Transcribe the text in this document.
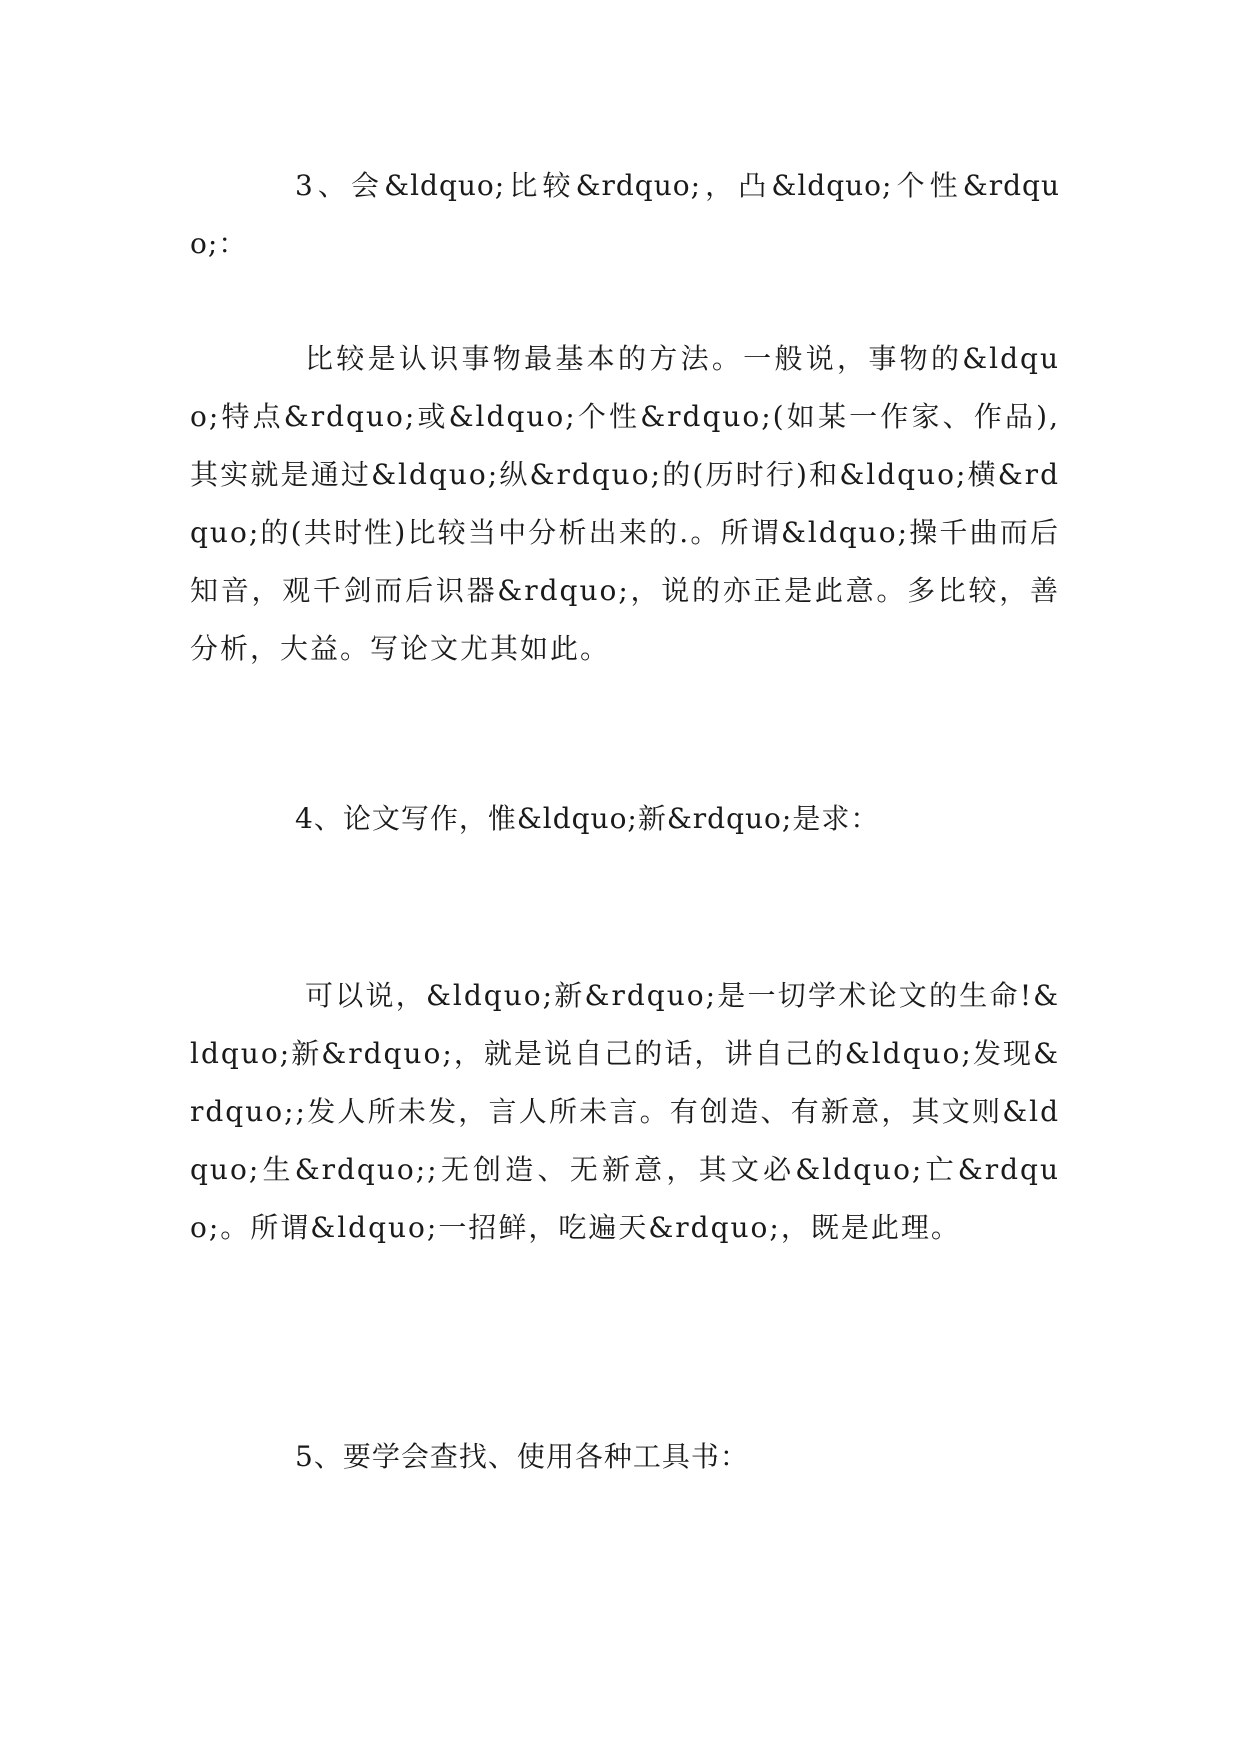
3、会&ldquo;比较&rdquo;，凸&ldquo;个性&rdquo;：

比较是认识事物最基本的方法。一般说，事物的&ldquo;特点&rdquo;或&ldquo;个性&rdquo;(如某一作家、作品),其实就是通过&ldquo;纵&rdquo;的(历时行)和&ldquo;横&rdquo;的(共时性)比较当中分析出来的.。所谓&ldquo;操千曲而后知音，观千剑而后识器&rdquo;，说的亦正是此意。多比较，善分析，大益。写论文尤其如此。

4、论文写作，惟&ldquo;新&rdquo;是求：

可以说，&ldquo;新&rdquo;是一切学术论文的生命!&ldquo;新&rdquo;，就是说自己的话，讲自己的&ldquo;发现&rdquo;;发人所未发，言人所未言。有创造、有新意，其文则&ldquo;生&rdquo;;无创造、无新意，其文必&ldquo;亡&rdquo;。所谓&ldquo;一招鲜，吃遍天&rdquo;，既是此理。

5、要学会查找、使用各种工具书：
